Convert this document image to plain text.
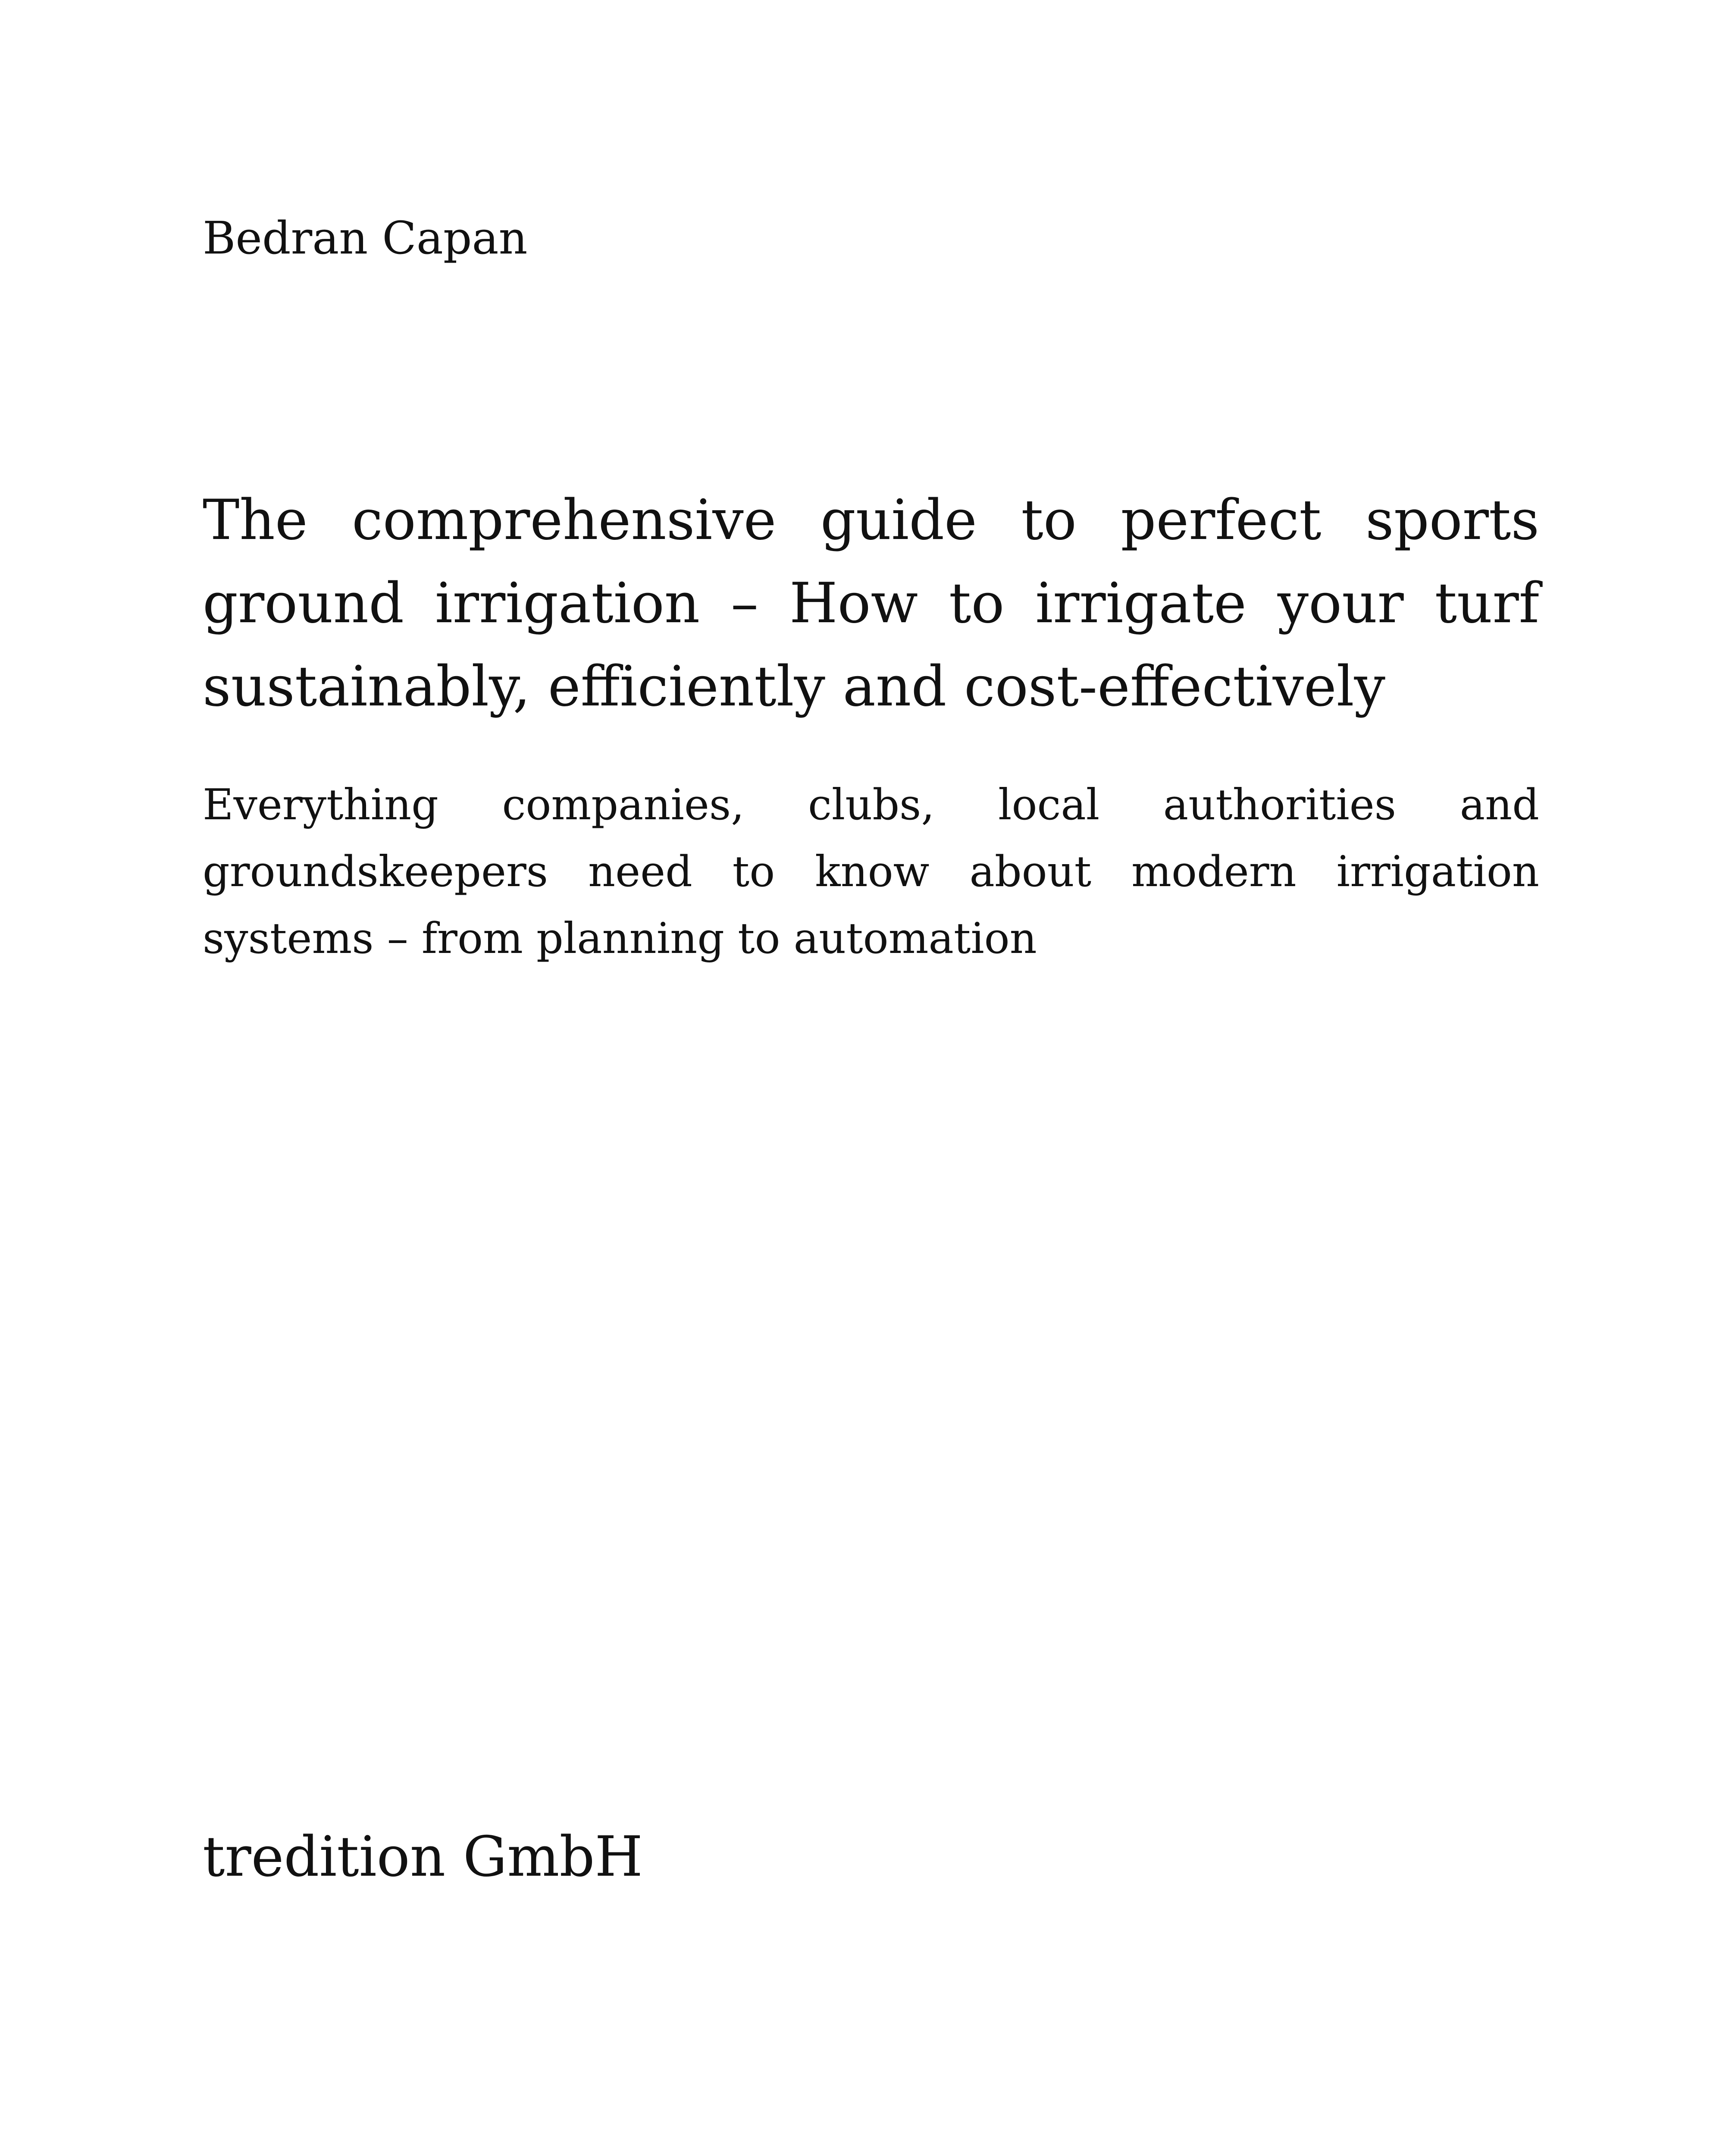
Bedran Capan
The comprehensive guide to perfect sports ground irrigation – How to irrigate your turf sustainably, efficiently and cost-effectively
Everything companies, clubs, local authorities and groundskeepers need to know about modern irrigation systems – from planning to automation
tredition GmbH
